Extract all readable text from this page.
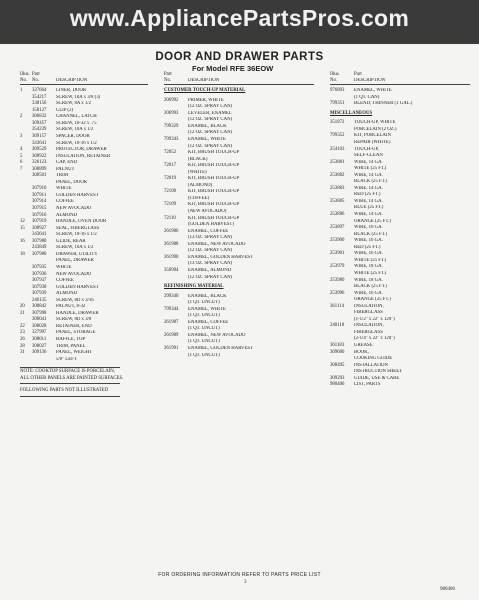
www.AppliancePartsPros.com
DOOR AND DRAWER PARTS
For Model RFE 36EOW
Illus. Part
No.	No.	DESCRIPTION
1	327664	LINER, DOOR
354217	SCREW, 10A x 3/8 (3)
338156	SCREW, 8A x 1/2
158127	CLIP (2)
2	306832	CHANNEL, LATCH
309457	SCREW, 10-32 x .75
354239	SCREW, 10A x 1/2
3	309157	SPACER, DOOR
343641	SCREW, 10-16 x 1/2
4	309529	PROTECTOR, DRAWER
5	308922	INSULATION, RETAINER
6	326123	CAP, END
7	308899	PALNUT
308501	TRIM
PANEL, DOOR
307910	WHITE
307911	GOLDEN HARVEST
307914	COFFEE
307915	NEW AVOCADO
307916	ALMOND
12	307919	HANDLE, OVEN DOOR
15	308927	SEAL, FIBERGLASS
343641	SCREW, 10-16 x 1/2
16	307980	GLIDE, REAR
243849	SCREW, 10A x 1/2
18	307980	DRAWER, UTILITY
PANEL, DRAWER
307935	WHITE
307936	NEW AVOCADO
307937	COFFEE
307938	GOLDEN HARVEST
307939	ALMOND
246135	SCREW, 8D x 3/16
20	308842	PALNUT, 8-32
21	307998	HANDLE, DRAWER
308041	SCREW, 8D x 3/8
22	308028	RETAINER, END
23	327997	PANEL, STORAGE
26	308011	BAFFLE, TOP
28	308027	TRIM, PANEL
31	309136	PANEL, WEIGHT
5/8" LEFT
NOTE: COOKTOP SURFACE IS PORCELAIN,
ALL OTHER PANELS ARE PAINTED SURFACES.
FOLLOWING PARTS NOT ILLUSTRATED
Part
No.	DESCRIPTION
CUSTOMER TOUCH-UP MATERIAL
206992	PRIMER, WHITE
(12 OZ. SPRAY CAN)
206993	LEVELER, ENAMEL
(12 OZ. SPRAY CAN)
799329	ENAMEL, BLACK
(12 OZ. SPRAY CAN)
799343	ENAMEL, WHITE
(12 OZ. SPRAY CAN)
72052	KIT, BRUSH TOUCH-UP
(BLACK)
72017	KIT, BRUSH TOUCH-UP
(WHITE)
72019	KIT, BRUSH TOUCH-UP
(ALMOND)
72108	KIT, BRUSH TOUCH-UP
(COFFEE)
72109	KIT, BRUSH TOUCH-UP
(NEW AVOCADO)
72110	KIT, BRUSH TOUCH-UP
(GOLDEN HARVEST)
261986	ENAMEL, COFFEE
(13 OZ. SPRAY CAN)
261988	ENAMEL, NEW AVOCADO
(12 OZ. SPRAY CAN)
261990	ENAMEL, GOLDEN HARVEST
(13 OZ. SPRAY CAN)
350994	ENAMEL, ALMOND
(12 OZ. SPRAY CAN)
REFINISHING MATERIAL
299340	ENAMEL, BLACK
(1 QT. UNCUT)
799344	ENAMEL, WHITE
(1 QT. UNCUT)
261987	ENAMEL, COFFEE
(1 QT. UNCUT)
261989	ENAMEL, NEW AVOCADO
(1 QT. UNCUT)
261991	ENAMEL, GOLDEN HARVEST
(1 QT. UNCUT)
Illus.	Part
No.	DESCRIPTION
976893	ENAMEL, WHITE
(1 QT. CAN)
799351	BLEND, THINNER (1 GAL.)
MISCELLANEOUS
351872	TOUCH-UP, WHITE
PORCELAIN (2 OZ.)
799352	KIT, PORCELAIN
REPAIR (WHITE)
254103	TOUCH-UP,
SELF-CLEAN
253881	WIRE, 14 GA.
WHITE (25 FT.)
253882	WIRE, 14 GA.
BLACK (25 FT.)
253883	WIRE, 14 GA.
RED (25 FT.)
253885	WIRE, 14 GA.
BLUE (25 FT.)
253896	WIRE, 14 GA.
ORANGE (25 FT.)
253897	WIRE, 16 GA.
BLACK (25 FT.)
253900	WIRE, 16 GA.
RED (25 FT.)
253901	WIRE, 16 GA.
WHITE (25 FT.)
253979	WIRE, 18 GA.
WHITE (25 FT.)
253980	WIRE, 18 GA.
BLACK (25 FT.)
253996	WIRE, 16 GA.
ORANGE (25 FT.)
361114	INSULATION,
FIBERGLASS
(1-1/2" x 22" x 120")
240118	INSULATION,
FIBERGLASS
(2-1/4" x 22" x 120")
361183	GREASE
309600	BOOK,
COOKING GUIDE
308495	INSTALLATION
INSTRUCTION SHEET
309293	GUIDE, USE & CARE
980406	LIST, PARTS
FOR ORDERING INFORMATION REFER TO PARTS PRICE LIST
3
980406
